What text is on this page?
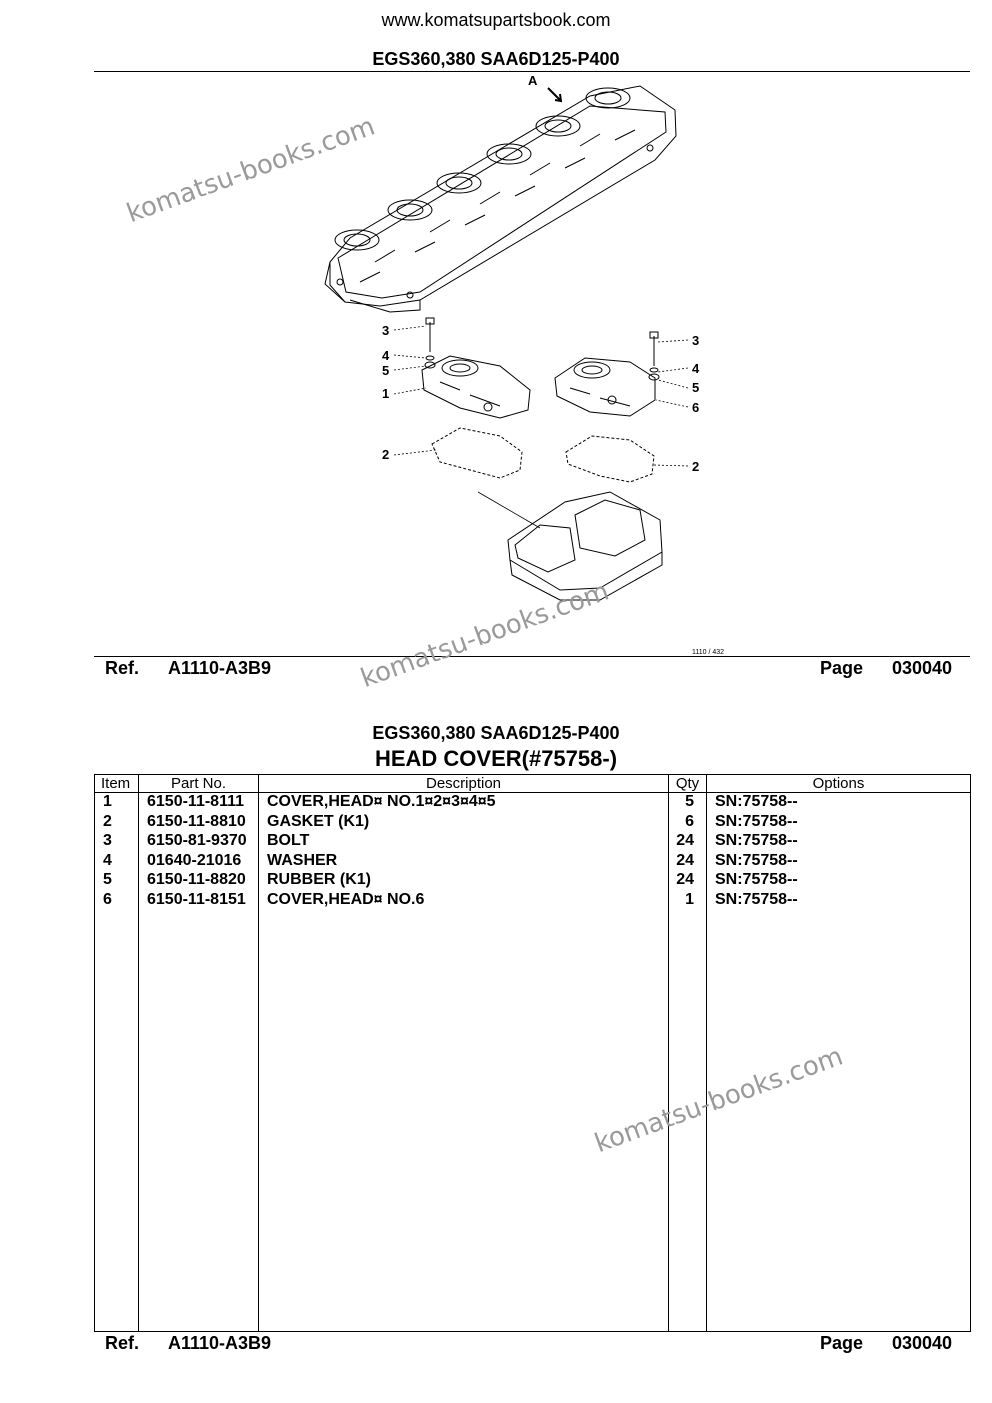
www.komatsupartsbook.com
EGS360,380 SAA6D125-P400
A
3
4
5
1
2
3
4
5
6
2
1110 / 432
Ref. A1110-A3B9	Page 030040
EGS360,380 SAA6D125-P400
HEAD COVER(#75758-)
Item	Part No.	Description	Qty	Options
1	6150-11-8111	COVER,HEAD¤ NO.1¤2¤3¤4¤5	5	SN:75758--
2	6150-11-8810	GASKET (K1)	6	SN:75758--
3	6150-81-9370	BOLT	24	SN:75758--
4	01640-21016	WASHER	24	SN:75758--
5	6150-11-8820	RUBBER (K1)	24	SN:75758--
6	6150-11-8151	COVER,HEAD¤ NO.6	1	SN:75758--

Ref. A1110-A3B9	Page 030040
komatsu-books.com
komatsu-books.com
komatsu-books.com
